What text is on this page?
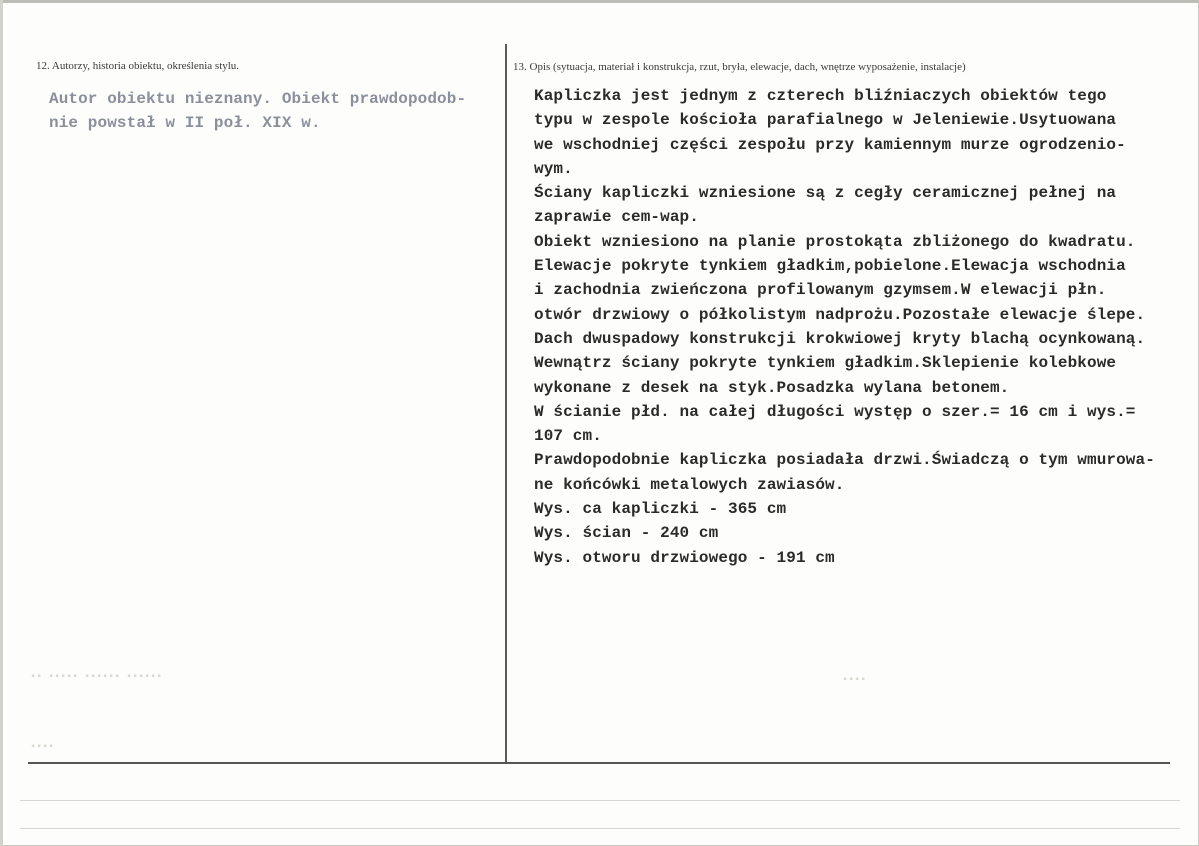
▪▪ ▪▪▪▪▪ ▪▪▪▪▪▪ ▪▪▪▪▪▪
▪▪▪▪
▪▪▪▪
12. Autorzy, historia obiektu, określenia stylu.	13. Opis (sytuacja, materiał i konstrukcja, rzut, bryła, elewacje, dach, wnętrze wyposażenie, instalacje)
Autor obiektu nieznany. Obiekt prawdopodob-
nie powstał w II poł. XIX w.
Kapliczka jest jednym z czterech bliźniaczych obiektów tego
typu w zespole kościoła parafialnego w Jeleniewie.Usytuowana
we wschodniej części zespołu przy kamiennym murze ogrodzenio-
wym.
Ściany kapliczki wzniesione są z cegły ceramicznej pełnej na
zaprawie cem-wap.
Obiekt wzniesiono na planie prostokąta zbliżonego do kwadratu.
Elewacje pokryte tynkiem gładkim,pobielone.Elewacja wschodnia
i zachodnia zwieńczona profilowanym gzymsem.W elewacji płn.
otwór drzwiowy o półkolistym nadprożu.Pozostałe elewacje ślepe.
Dach dwuspadowy konstrukcji krokwiowej kryty blachą ocynkowaną.
Wewnątrz ściany pokryte tynkiem gładkim.Sklepienie kolebkowe
wykonane z desek na styk.Posadzka wylana betonem.
W ścianie płd. na całej długości występ o szer.= 16 cm i wys.=
107 cm.
Prawdopodobnie kapliczka posiadała drzwi.Świadczą o tym wmurowa-
ne końcówki metalowych zawiasów.
Wys. ca kapliczki - 365 cm
Wys. ścian - 240 cm
Wys. otworu drzwiowego - 191 cm
